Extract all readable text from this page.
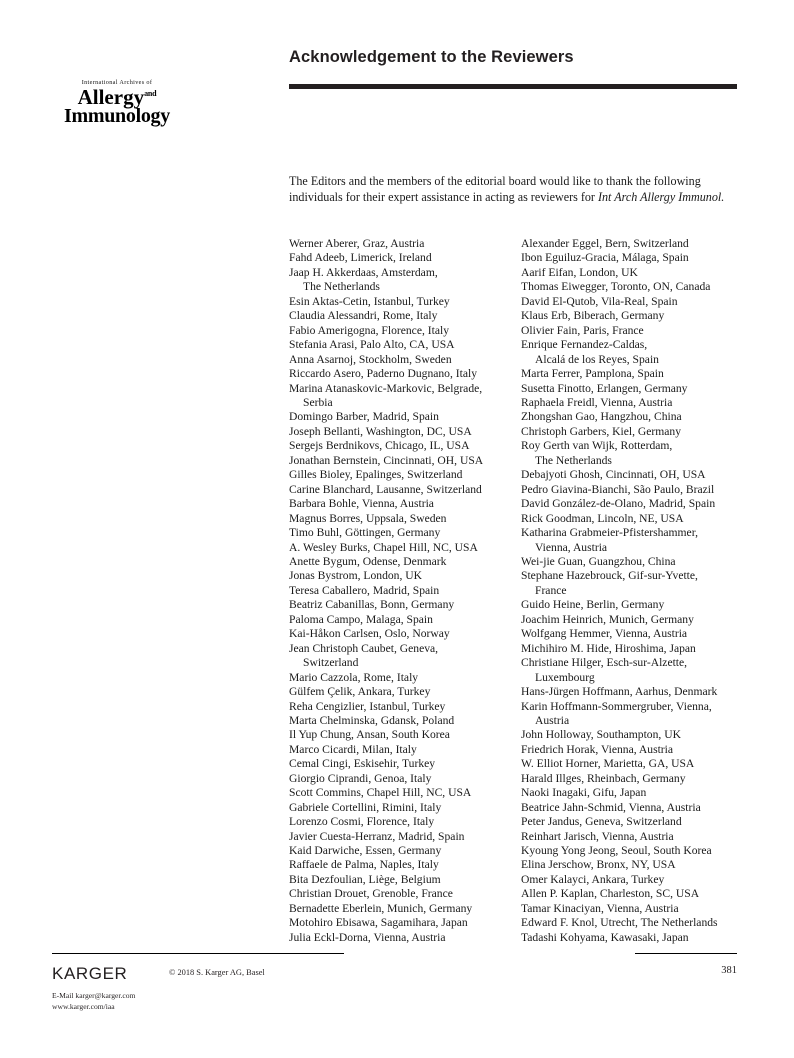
International Archives of
Allergy$^{and}$
Immunology
Acknowledgement to the Reviewers

The Editors and the members of the editorial board would like to thank the following individuals for their expert assistance in acting as reviewers for Int Arch Allergy Immunol.

Werner Aberer, Graz, Austria
Fahd Adeeb, Limerick, Ireland
Jaap H. Akkerdaas, Amsterdam,
The Netherlands
Esin Aktas-Cetin, Istanbul, Turkey
Claudia Alessandri, Rome, Italy
Fabio Amerigogna, Florence, Italy
Stefania Arasi, Palo Alto, CA, USA
Anna Asarnoj, Stockholm, Sweden
Riccardo Asero, Paderno Dugnano, Italy
Marina Atanaskovic-Markovic, Belgrade,
Serbia
Domingo Barber, Madrid, Spain
Joseph Bellanti, Washington, DC, USA
Sergejs Berdnikovs, Chicago, IL, USA
Jonathan Bernstein, Cincinnati, OH, USA
Gilles Bioley, Epalinges, Switzerland
Carine Blanchard, Lausanne, Switzerland
Barbara Bohle, Vienna, Austria
Magnus Borres, Uppsala, Sweden
Timo Buhl, Göttingen, Germany
A. Wesley Burks, Chapel Hill, NC, USA
Anette Bygum, Odense, Denmark
Jonas Bystrom, London, UK
Teresa Caballero, Madrid, Spain
Beatriz Cabanillas, Bonn, Germany
Paloma Campo, Malaga, Spain
Kai-Håkon Carlsen, Oslo, Norway
Jean Christoph Caubet, Geneva,
Switzerland
Mario Cazzola, Rome, Italy
Gülfem Çelik, Ankara, Turkey
Reha Cengizlier, Istanbul, Turkey
Marta Chelminska, Gdansk, Poland
Il Yup Chung, Ansan, South Korea
Marco Cicardi, Milan, Italy
Cemal Cingi, Eskisehir, Turkey
Giorgio Ciprandi, Genoa, Italy
Scott Commins, Chapel Hill, NC, USA
Gabriele Cortellini, Rimini, Italy
Lorenzo Cosmi, Florence, Italy
Javier Cuesta-Herranz, Madrid, Spain
Kaid Darwiche, Essen, Germany
Raffaele de Palma, Naples, Italy
Bita Dezfoulian, Liège, Belgium
Christian Drouet, Grenoble, France
Bernadette Eberlein, Munich, Germany
Motohiro Ebisawa, Sagamihara, Japan
Julia Eckl-Dorna, Vienna, Austria
Alexander Eggel, Bern, Switzerland
Ibon Eguiluz-Gracia, Málaga, Spain
Aarif Eifan, London, UK
Thomas Eiwegger, Toronto, ON, Canada
David El-Qutob, Vila-Real, Spain
Klaus Erb, Biberach, Germany
Olivier Fain, Paris, France
Enrique Fernandez-Caldas,
Alcalá de los Reyes, Spain
Marta Ferrer, Pamplona, Spain
Susetta Finotto, Erlangen, Germany
Raphaela Freidl, Vienna, Austria
Zhongshan Gao, Hangzhou, China
Christoph Garbers, Kiel, Germany
Roy Gerth van Wijk, Rotterdam,
The Netherlands
Debajyoti Ghosh, Cincinnati, OH, USA
Pedro Giavina-Bianchi, São Paulo, Brazil
David González-de-Olano, Madrid, Spain
Rick Goodman, Lincoln, NE, USA
Katharina Grabmeier-Pfistershammer,
Vienna, Austria
Wei-jie Guan, Guangzhou, China
Stephane Hazebrouck, Gif-sur-Yvette,
France
Guido Heine, Berlin, Germany
Joachim Heinrich, Munich, Germany
Wolfgang Hemmer, Vienna, Austria
Michihiro M. Hide, Hiroshima, Japan
Christiane Hilger, Esch-sur-Alzette,
Luxembourg
Hans-Jürgen Hoffmann, Aarhus, Denmark
Karin Hoffmann-Sommergruber, Vienna,
Austria
John Holloway, Southampton, UK
Friedrich Horak, Vienna, Austria
W. Elliot Horner, Marietta, GA, USA
Harald Illges, Rheinbach, Germany
Naoki Inagaki, Gifu, Japan
Beatrice Jahn-Schmid, Vienna, Austria
Peter Jandus, Geneva, Switzerland
Reinhart Jarisch, Vienna, Austria
Kyoung Yong Jeong, Seoul, South Korea
Elina Jerschow, Bronx, NY, USA
Omer Kalayci, Ankara, Turkey
Allen P. Kaplan, Charleston, SC, USA
Tamar Kinaciyan, Vienna, Austria
Edward F. Knol, Utrecht, The Netherlands
Tadashi Kohyama, Kawasaki, Japan
KARGER	© 2018 S. Karger AG, Basel	381
E-Mail karger@karger.com
www.karger.com/iaa
